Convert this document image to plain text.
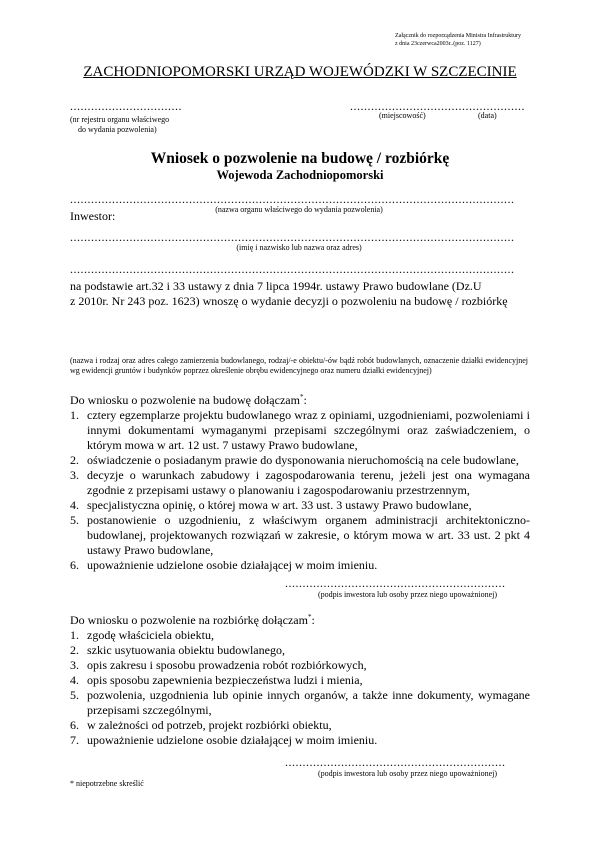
Załącznik do rozporządzenia Ministra Infrastruktury
z dnia 23czerwca2003r..(poz. 1127)
ZACHODNIOPOMORSKI URZĄD WOJEWÓDZKI W SZCZECINIE
................................
(nr rejestru organu właściwego
do wydania pozwolenia)
..................................................
(miejscowość)	(data)
Wniosek o pozwolenie na budowę / rozbiórkę
Wojewoda Zachodniopomorski
...............................................................................................................................
(nazwa organu właściwego do wydania pozwolenia)
Inwestor:
...............................................................................................................................
(imię i nazwisko lub nazwa oraz adres)
...............................................................................................................................
na podstawie art.32 i 33 ustawy z dnia 7 lipca 1994r. ustawy Prawo budowlane (Dz.U
z 2010r. Nr 243 poz. 1623) wnoszę o wydanie decyzji o pozwoleniu na budowę / rozbiórkę
(nazwa i rodzaj oraz adres całego zamierzenia budowlanego, rodzaj/-e obiektu/-ów bądź robót budowlanych, oznaczenie działki ewidencyjnej wg ewidencji gruntów i budynków poprzez określenie obrębu ewidencyjnego oraz numeru działki ewidencyjnej)
Do wniosku o pozwolenie na budowę dołączam*:
1. cztery egzemplarze projektu budowlanego wraz z opiniami, uzgodnieniami, pozwoleniami i innymi dokumentami wymaganymi przepisami szczególnymi oraz zaświadczeniem, o którym mowa w art. 12 ust. 7 ustawy Prawo budowlane,
2. oświadczenie o posiadanym prawie do dysponowania nieruchomością na cele budowlane,
3. decyzje o warunkach zabudowy i zagospodarowania terenu, jeżeli jest ona wymagana zgodnie z przepisami ustawy o planowaniu i zagospodarowaniu przestrzennym,
4. specjalistyczna opinię, o której mowa w art. 33 ust. 3 ustawy Prawo budowlane,
5. postanowienie o uzgodnieniu, z właściwym organem administracji architektoniczno-budowlanej, projektowanych rozwiązań w zakresie, o którym mowa w art. 33 ust. 2 pkt 4 ustawy Prawo budowlane,
6. upoważnienie udzielone osobie działającej w moim imieniu.
...............................................................
(podpis inwestora lub osoby przez niego upoważnionej)
Do wniosku o pozwolenie na rozbiórkę dołączam*:
1. zgodę właściciela obiektu,
2. szkic usytuowania obiektu budowlanego,
3. opis zakresu i sposobu prowadzenia robót rozbiórkowych,
4. opis sposobu zapewnienia bezpieczeństwa ludzi i mienia,
5. pozwolenia, uzgodnienia lub opinie innych organów, a także inne dokumenty, wymagane przepisami szczególnymi,
6. w zależności od potrzeb, projekt rozbiórki obiektu,
7. upoważnienie udzielone osobie działającej w moim imieniu.
...............................................................
(podpis inwestora lub osoby przez niego upoważnionej)
* niepotrzebne skreślić
